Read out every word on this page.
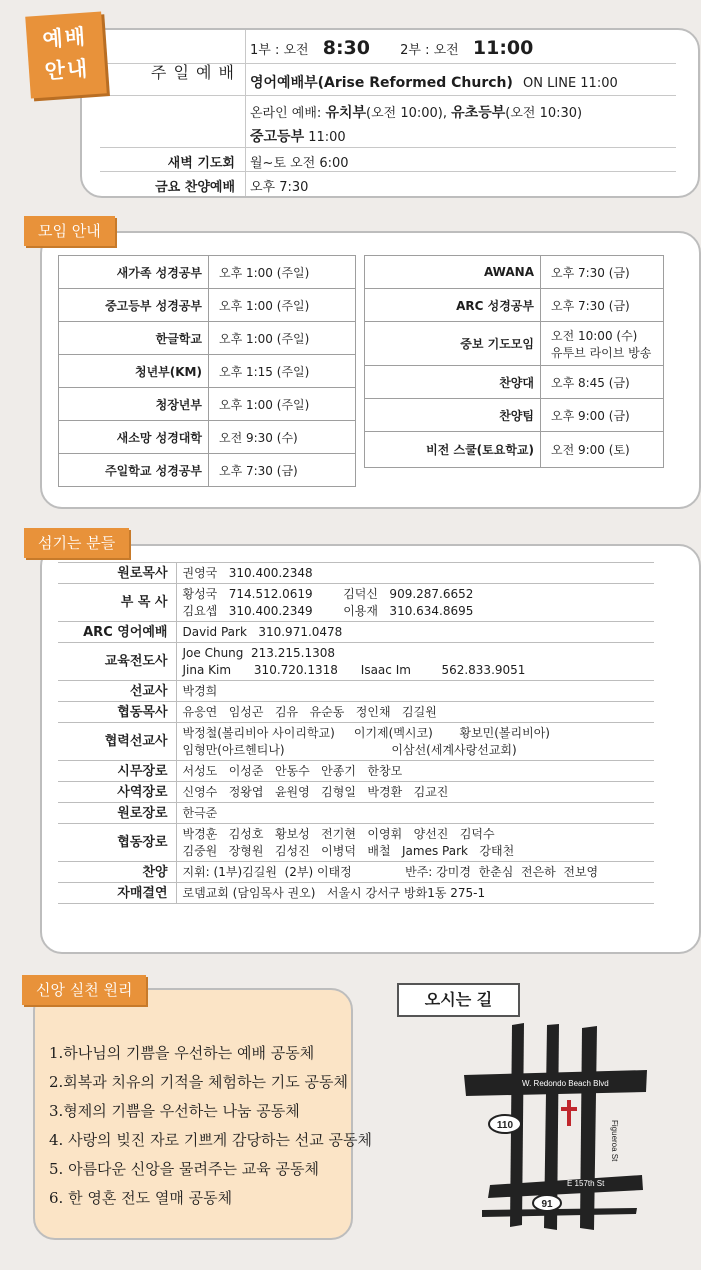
1부 : 오전 8:30 2부 : 오전 11:00
영어예배부(Arise Reformed Church) ON LINE 11:00
주 일 예 배
온라인 예배: 유치부(오전 10:00), 유초등부(오전 10:30)
중고등부 11:00
새벽 기도회 월~토 오전 6:00
금요 찬양예배 오후 7:30
예배
안내
새가족 성경공부	오후 1:00 (주일)
중고등부 성경공부	오후 1:00 (주일)
한글학교	오후 1:00 (주일)
청년부(KM)	오후 1:15 (주일)
청장년부	오후 1:00 (주일)
새소망 성경대학	오전 9:30 (수)
주일학교 성경공부	오후 7:30 (금)
AWANA	오후 7:30 (금)
ARC 성경공부	오후 7:30 (금)
중보 기도모임	오전 10:00 (수)
유투브 라이브 방송

찬양대	오후 8:45 (금)
찬양팀	오후 9:00 (금)
비전 스쿨(토요학교)	오전 9:00 (토)
모임 안내
원로목사	권영국   310.400.2348

부 목 사	황성국   714.512.0619        김덕신   909.287.6652
김요셉   310.400.2349        이용재   310.634.8695

ARC 영어예배	David Park   310.971.0478

교육전도사	Joe Chung  213.215.1308
Jina Kim      310.720.1318      Isaac Im        562.833.9051

선교사	박경희

협동목사	유응연   임성곤   김유   유순동   정인채   김길원

협력선교사	박정철(볼리비아 사이리학교)     이기제(멕시코)       황보민(볼리비아)
임형만(아르헨티나)                            이삼선(세계사랑선교회)

시무장로	서성도   이성준   안동수   안종기   한창모

사역장로	신영수   정왕엽   윤원영   김형일   박경환   김교진

원로장로	한극준

협동장로	박경훈   김성호   황보성   전기현   이영휘   양선진   김덕수
김중원   장형원   김성진   이병덕   배철   James Park   강태천

찬양	지휘: (1부)김길원  (2부) 이태정              반주: 강미경  한춘심  전은하  전보영

자매결연	로뎀교회 (담임목사 권오)   서울시 강서구 방화1동 275-1
섬기는 분들
1.하나님의 기쁨을 우선하는 예배 공동체
2.회복과 치유의 기적을 체험하는 기도 공동체
3.형제의 기쁨을 우선하는 나눔 공동체
4. 사랑의 빚진 자로 기쁘게 감당하는 선교 공동체
5. 아름다운 신앙을 물려주는 교육 공동체
6. 한 영혼 전도 열매 공동체
신앙 실천 원리	오시는 길
W. Redondo Beach Blvd
Figueroa St
E 157th St
110
91
